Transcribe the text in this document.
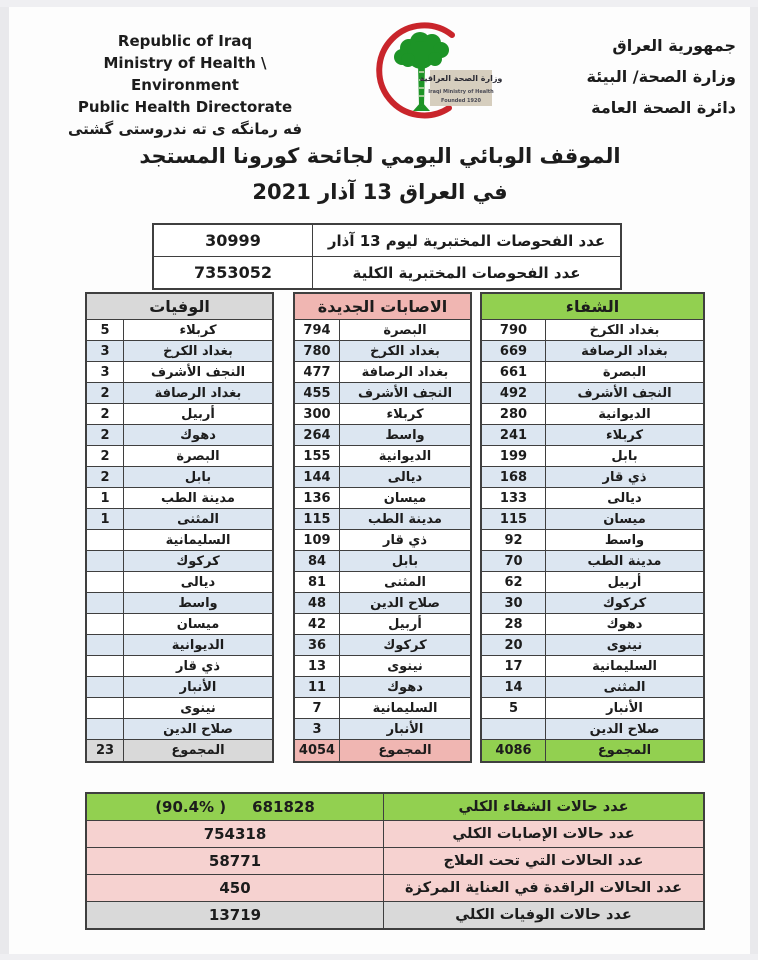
Republic of Iraq
Ministry of Health \ Environment
Public Health Directorate
فه رمانگه ى ته ندروستى گشتى
وزارة الصحة العراقية
Iraqi Ministry of Health
Founded 1920
جمهورية العراق
وزارة الصحة/ البيئة
دائرة الصحة العامة
الموقف الوبائي اليومي لجائحة كورونا المستجد
في العراق 13 آذار 2021
30999	عدد الفحوصات المختبرية ليوم 13 آذار
7353052	عدد الفحوصات المختبرية الكلية
الوفيات
5	كربلاء
3	بغداد الكرخ
3	النجف الأشرف
2	بغداد الرصافة
2	أربيل
2	دهوك
2	البصرة
2	بابل
1	مدينة الطب
1	المثنى
السليمانية
كركوك
ديالى
واسط
ميسان
الديوانية
ذي قار
الأنبار
نينوى
صلاح الدين
23	المجموع
الاصابات الجديدة
794	البصرة
780	بغداد الكرخ
477	بغداد الرصافة
455	النجف الأشرف
300	كربلاء
264	واسط
155	الديوانية
144	ديالى
136	ميسان
115	مدينة الطب
109	ذي قار
84	بابل
81	المثنى
48	صلاح الدين
42	أربيل
36	كركوك
13	نينوى
11	دهوك
7	السليمانية
3	الأنبار
4054	المجموع
الشفاء
790	بغداد الكرخ
669	بغداد الرصافة
661	البصرة
492	النجف الأشرف
280	الديوانية
241	كربلاء
199	بابل
168	ذي قار
133	ديالى
115	ميسان
92	واسط
70	مدينة الطب
62	أربيل
30	كركوك
28	دهوك
20	نينوى
17	السليمانية
14	المثنى
5	الأنبار
صلاح الدين
4086	المجموع
(90.4% ) 681828	عدد حالات الشفاء الكلي
754318	عدد حالات الإصابات الكلي
58771	عدد الحالات التي تحت العلاج
450	عدد الحالات الراقدة في العناية المركزة
13719	عدد حالات الوفيات الكلي
